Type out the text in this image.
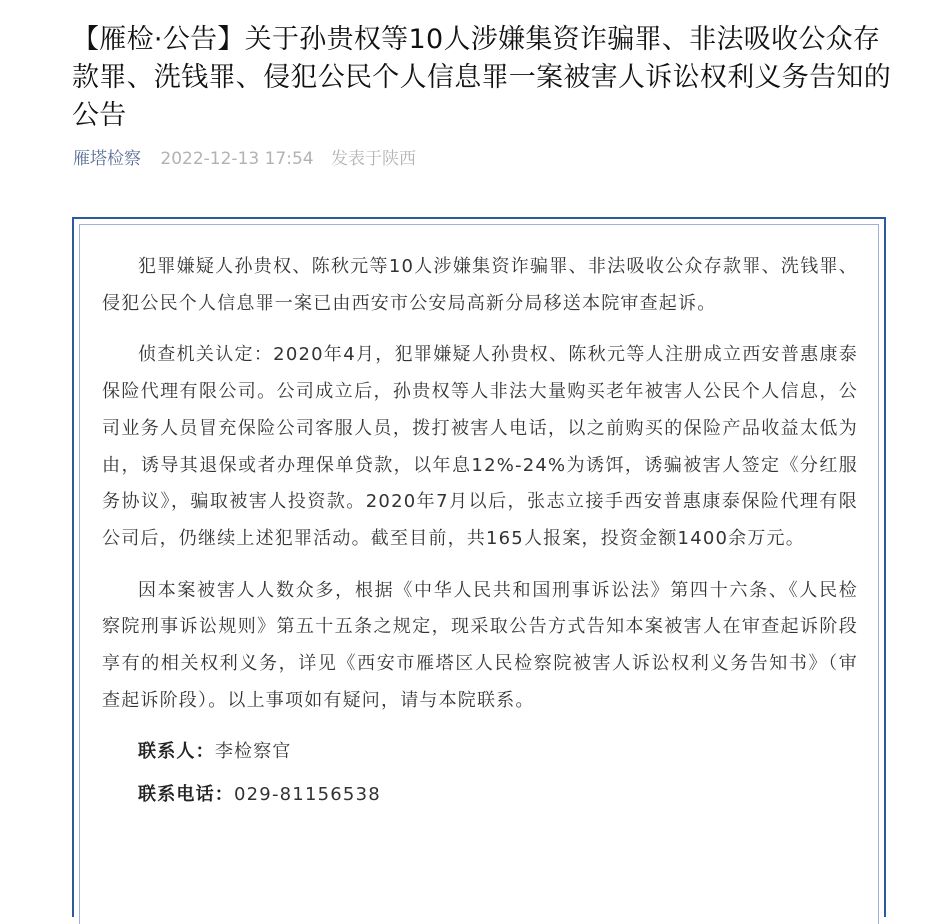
【雁检·公告】关于孙贵权等10人涉嫌集资诈骗罪、非法吸收公众存款罪、洗钱罪、侵犯公民个人信息罪一案被害人诉讼权利义务告知的公告
雁塔检察 2022-12-13 17:54 发表于陕西

犯罪嫌疑人孙贵权、陈秋元等10人涉嫌集资诈骗罪、非法吸收公众存款罪、洗钱罪、侵犯公民个人信息罪一案已由西安市公安局高新分局移送本院审查起诉。

侦查机关认定：2020年4月，犯罪嫌疑人孙贵权、陈秋元等人注册成立西安普惠康泰保险代理有限公司。公司成立后，孙贵权等人非法大量购买老年被害人公民个人信息，公司业务人员冒充保险公司客服人员，拨打被害人电话，以之前购买的保险产品收益太低为由，诱导其退保或者办理保单贷款，以年息12%-24%为诱饵，诱骗被害人签定《分红服务协议》，骗取被害人投资款。2020年7月以后，张志立接手西安普惠康泰保险代理有限公司后，仍继续上述犯罪活动。截至目前，共165人报案，投资金额1400余万元。

因本案被害人人数众多，根据《中华人民共和国刑事诉讼法》第四十六条、《人民检察院刑事诉讼规则》第五十五条之规定，现采取公告方式告知本案被害人在审查起诉阶段享有的相关权利义务，详见《西安市雁塔区人民检察院被害人诉讼权利义务告知书》（审查起诉阶段）。以上事项如有疑问，请与本院联系。

联系人：李检察官

联系电话：029-81156538
